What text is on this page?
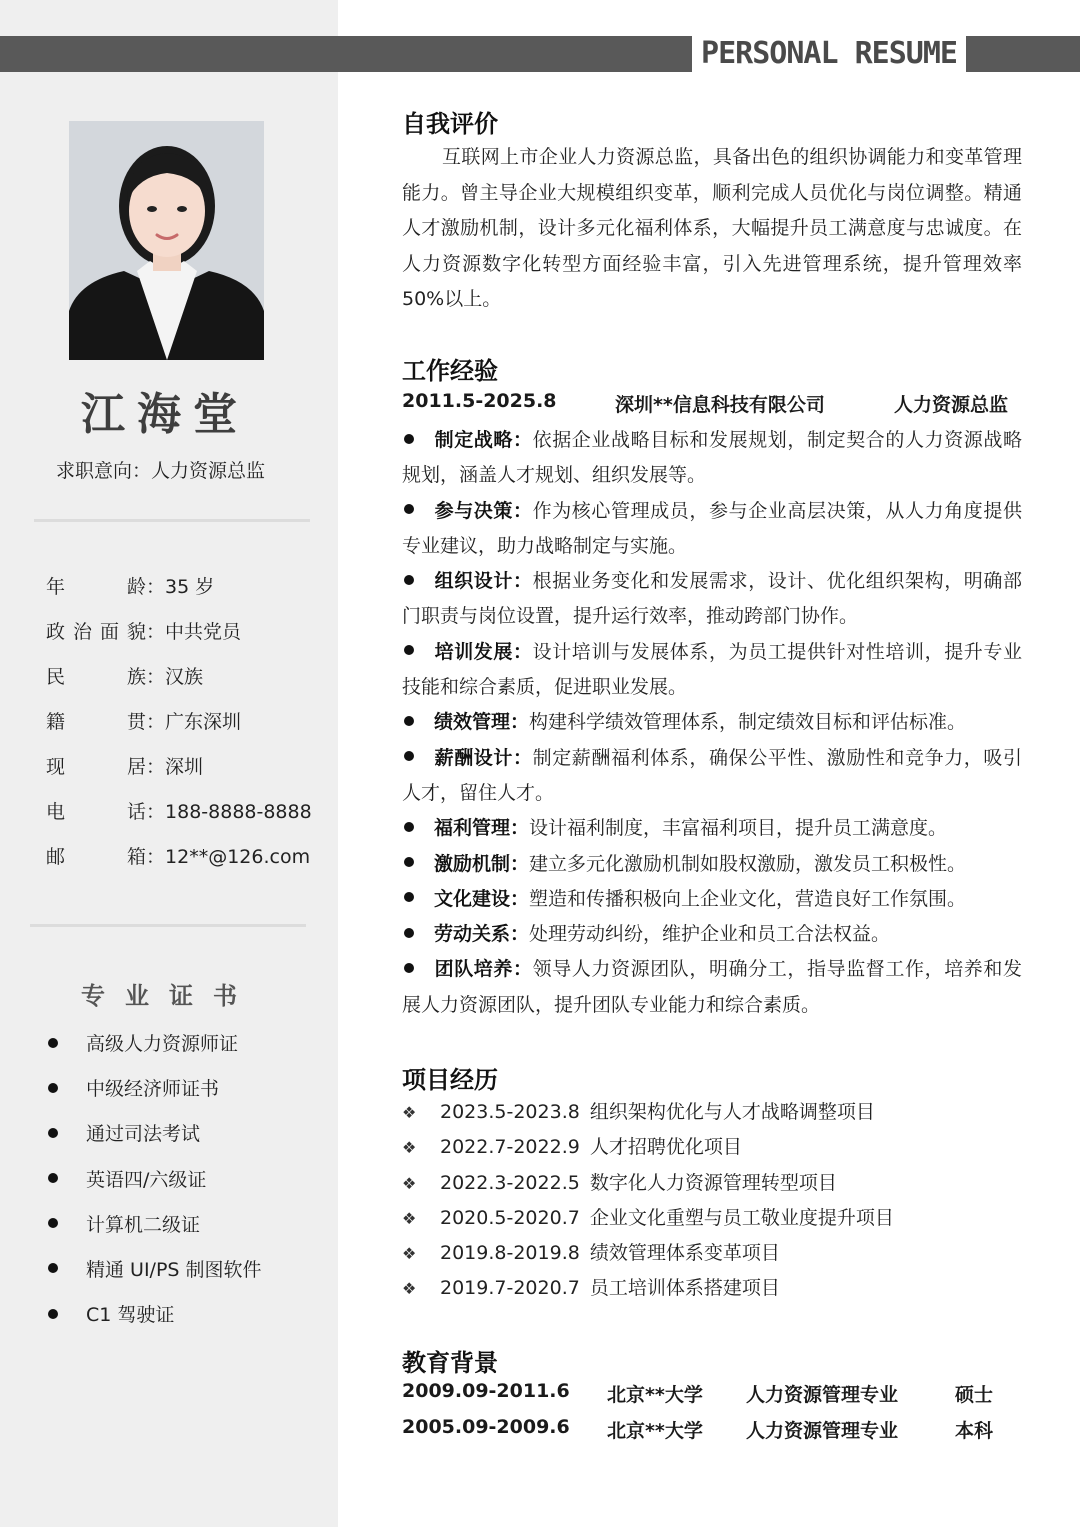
PERSONAL RESUME
江海堂
求职意向：人力资源总监
年龄：35 岁
政治面貌：中共党员
民族：汉族
籍贯：广东深圳
现居：深圳
电话：188-8888-8888
邮箱：12**@126.com
专业证书
高级人力资源师证
中级经济师证书
通过司法考试
英语四/六级证
计算机二级证
精通 UI/PS 制图软件
C1 驾驶证
自我评价

互联网上市企业人力资源总监，具备出色的组织协调能力和变革管理能力。曾主导企业大规模组织变革，顺利完成人员优化与岗位调整。精通人才激励机制，设计多元化福利体系，大幅提升员工满意度与忠诚度。在人力资源数字化转型方面经验丰富，引入先进管理系统，提升管理效率 50%以上。

工作经验
2011.5-2025.8	深圳**信息科技有限公司	人力资源总监
制定战略：依据企业战略目标和发展规划，制定契合的人力资源战略规划，涵盖人才规划、组织发展等。
参与决策：作为核心管理成员，参与企业高层决策，从人力角度提供专业建议，助力战略制定与实施。
组织设计：根据业务变化和发展需求，设计、优化组织架构，明确部门职责与岗位设置，提升运行效率，推动跨部门协作。
培训发展：设计培训与发展体系，为员工提供针对性培训，提升专业技能和综合素质，促进职业发展。
绩效管理：构建科学绩效管理体系，制定绩效目标和评估标准。
薪酬设计：制定薪酬福利体系，确保公平性、激励性和竞争力，吸引人才，留住人才。
福利管理：设计福利制度，丰富福利项目，提升员工满意度。
激励机制：建立多元化激励机制如股权激励，激发员工积极性。
文化建设：塑造和传播积极向上企业文化，营造良好工作氛围。
劳动关系：处理劳动纠纷，维护企业和员工合法权益。
团队培养：领导人力资源团队，明确分工，指导监督工作，培养和发展人力资源团队，提升团队专业能力和综合素质。
项目经历
❖ 2023.5-2023.8 组织架构优化与人才战略调整项目
❖ 2022.7-2022.9 人才招聘优化项目
❖ 2022.3-2022.5 数字化人力资源管理转型项目
❖ 2020.5-2020.7 企业文化重塑与员工敬业度提升项目
❖ 2019.8-2019.8 绩效管理体系变革项目
❖ 2019.7-2020.7 员工培训体系搭建项目
教育背景
2009.09-2011.6 北京**大学 人力资源管理专业	硕士
2005.09-2009.6 北京**大学 人力资源管理专业	本科
